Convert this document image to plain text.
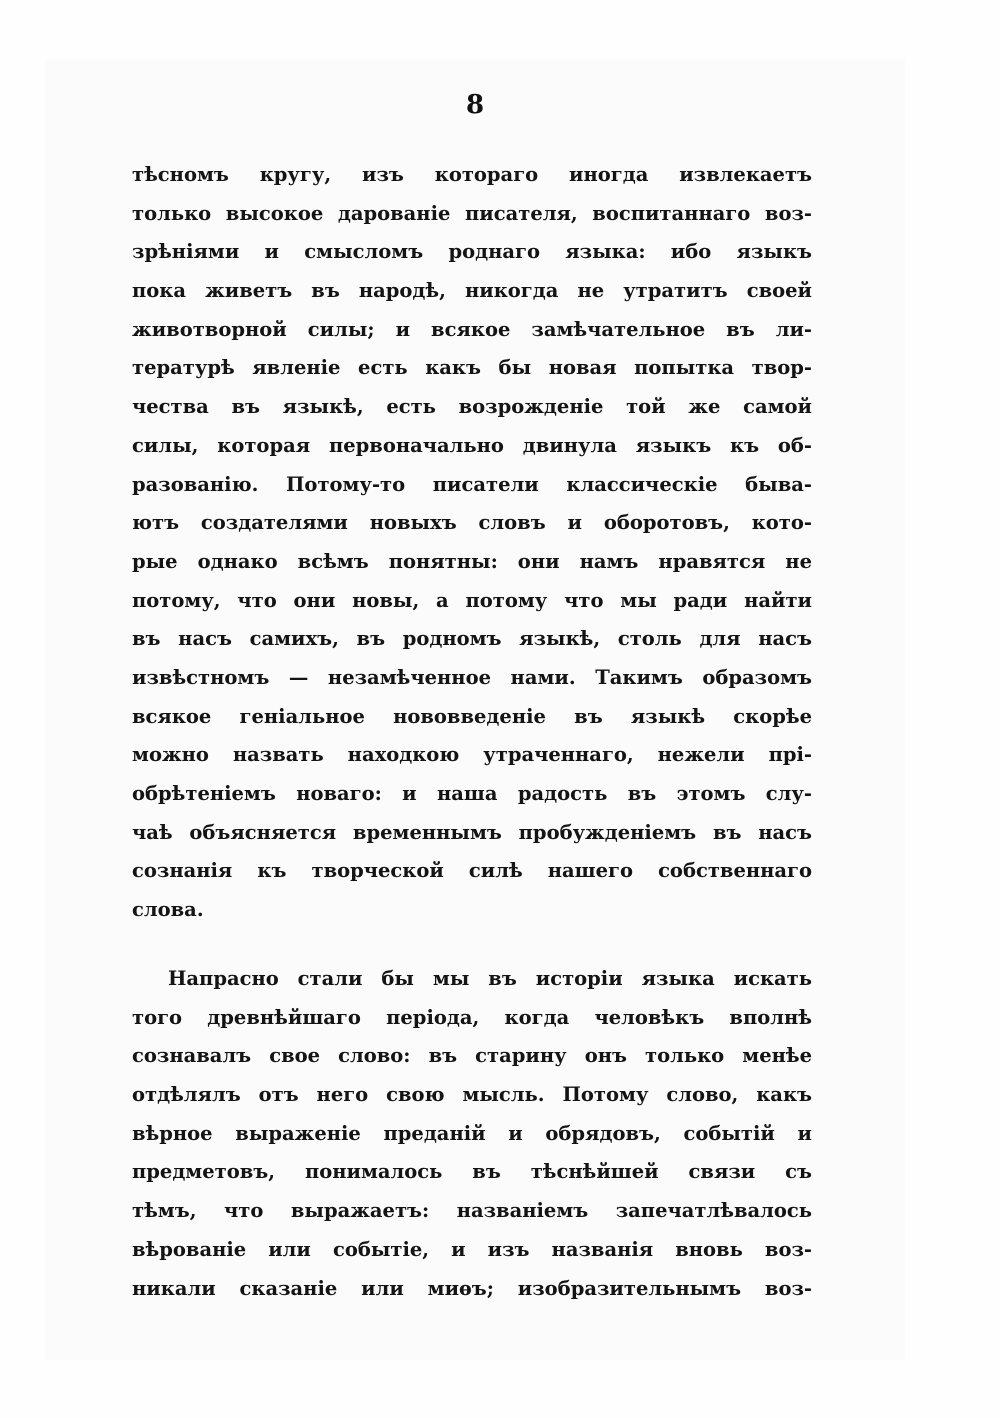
8
тѣсномъ кругу, изъ котораго иногда извлекаетъ
только высокое дарованіе писателя, воспитаннаго воз-
зрѣніями и смысломъ роднаго языка: ибо языкъ
пока живетъ въ народѣ, никогда не утратитъ своей
животворной силы; и всякое замѣчательное въ ли-
тературѣ явленіе есть какъ бы новая попытка твор-
чества въ языкѣ, есть возрожденіе той же самой
силы, которая первоначально двинула языкъ къ об-
разованію. Потому-то писатели классическіе быва-
ютъ создателями новыхъ словъ и оборотовъ, кото-
рые однако всѣмъ понятны: они намъ нравятся не
потому, что они новы, а потому что мы ради найти
въ насъ самихъ, въ родномъ языкѣ, столь для насъ
извѣстномъ — незамѣченное нами. Такимъ образомъ
всякое геніальное нововведеніе въ языкѣ скорѣе
можно назвать находкою утраченнаго, нежели прі-
обрѣтеніемъ новаго: и наша радость въ этомъ слу-
чаѣ объясняется временнымъ пробужденіемъ въ насъ
сознанія къ творческой силѣ нашего собственнаго
слова.
Напрасно стали бы мы въ исторіи языка искать
того древнѣйшаго періода, когда человѣкъ вполнѣ
сознавалъ свое слово: въ старину онъ только менѣе
отдѣлялъ отъ него свою мысль. Потому слово, какъ
вѣрное выраженіе преданій и обрядовъ, событій и
предметовъ, понималось въ тѣснѣйшей связи съ
тѣмъ, что выражаетъ: названіемъ запечатлѣвалось
вѣрованіе или событіе, и изъ названія вновь воз-
никали сказаніе или миѳъ; изобразительнымъ воз-
